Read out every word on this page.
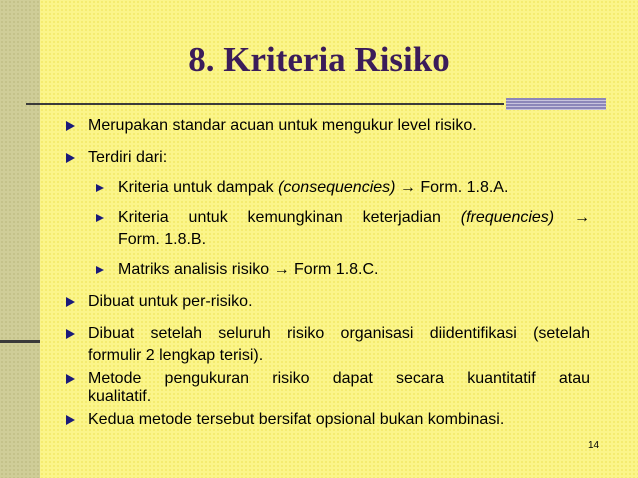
8. Kriteria Risiko
Merupakan standar acuan untuk mengukur level risiko.
Terdiri dari:
Kriteria untuk dampak (consequencies) → Form. 1.8.A.
Kriteria untuk kemungkinan keterjadian (frequencies) →
Form. 1.8.B.
Matriks analisis risiko → Form 1.8.C.
Dibuat untuk per-risiko.
Dibuat setelah seluruh risiko organisasi diidentifikasi (setelah
formulir 2 lengkap terisi).
Metode pengukuran risiko dapat secara kuantitatif atau
kualitatif.
Kedua metode tersebut bersifat opsional bukan kombinasi.
14
